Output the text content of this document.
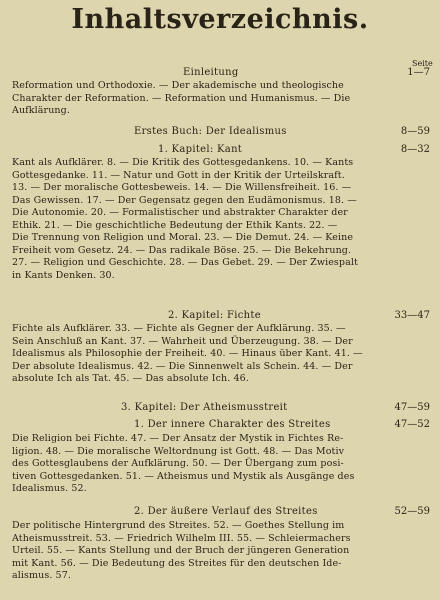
Inhaltsverzeichnis.
Seite
Einleitung	1—7
Reformation und Orthodoxie. — Der akademische und theologische
Charakter der Reformation. — Reformation und Humanismus. — Die
Aufklärung.
Erstes Buch: Der Idealismus	8—59
1. Kapitel: Kant	8—32
Kant als Aufklärer. 8. — Die Kritik des Gottesgedankens. 10. — Kants
Gottesgedanke. 11. — Natur und Gott in der Kritik der Urteilskraft.
13. — Der moralische Gottesbeweis. 14. — Die Willensfreiheit. 16. —
Das Gewissen. 17. — Der Gegensatz gegen den Eudämonismus. 18. —
Die Autonomie. 20. — Formalistischer und abstrakter Charakter der
Ethik. 21. — Die geschichtliche Bedeutung der Ethik Kants. 22. —
Die Trennung von Religion und Moral. 23. — Die Demut. 24. — Keine
Freiheit vom Gesetz. 24. — Das radikale Böse. 25. — Die Bekehrung.
27. — Religion und Geschichte. 28. — Das Gebet. 29. — Der Zwiespalt
in Kants Denken. 30.
2. Kapitel: Fichte	33—47
Fichte als Aufklärer. 33. — Fichte als Gegner der Aufklärung. 35. —
Sein Anschluß an Kant. 37. — Wahrheit und Überzeugung. 38. — Der
Idealismus als Philosophie der Freiheit. 40. — Hinaus über Kant. 41. —
Der absolute Idealismus. 42. — Die Sinnenwelt als Schein. 44. — Der
absolute Ich als Tat. 45. — Das absolute Ich. 46.
3. Kapitel: Der Atheismusstreit	47—59
1. Der innere Charakter des Streites	47—52
Die Religion bei Fichte. 47. — Der Ansatz der Mystik in Fichtes Re-
ligion. 48. — Die moralische Weltordnung ist Gott. 48. — Das Motiv
des Gottesglaubens der Aufklärung. 50. — Der Übergang zum posi-
tiven Gottesgedanken. 51. — Atheismus und Mystik als Ausgänge des
Idealismus. 52.
2. Der äußere Verlauf des Streites	52—59
Der politische Hintergrund des Streites. 52. — Goethes Stellung im
Atheismusstreit. 53. — Friedrich Wilhelm III. 55. — Schleiermachers
Urteil. 55. — Kants Stellung und der Bruch der jüngeren Generation
mit Kant. 56. — Die Bedeutung des Streites für den deutschen Ide-
alismus. 57.
